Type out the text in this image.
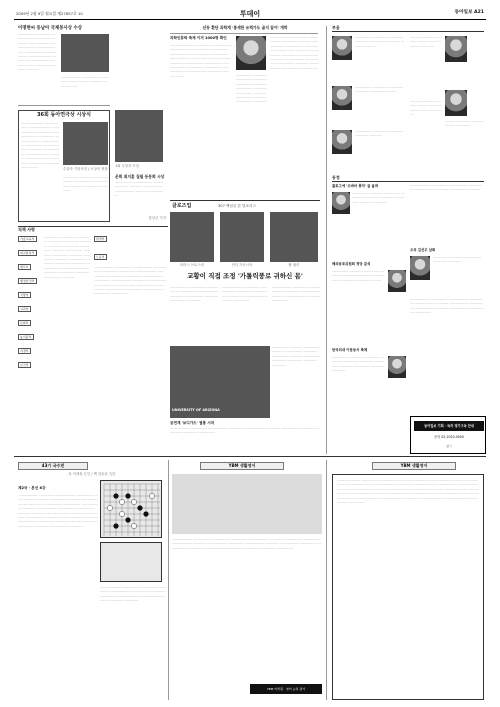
2009년 2월 9일 월요일 제27657호 10	투데이	동아일보 A21
이명현씨 동남아 국제봉사상 수상
ㅡㅡㅡㅡㅡㅡㅡㅡㅡㅡ ㅡㅡㅡㅡㅡㅡㅡ ㅡㅡㅡㅡㅡㅡㅡㅡ ㅡㅡㅡㅡㅡㅡ ㅡㅡㅡㅡㅡㅡㅡ ㅡㅡㅡㅡㅡㅡㅡㅡ ㅡㅡㅡㅡㅡㅡ ㅡㅡㅡㅡㅡㅡ ㅡㅡㅡㅡㅡㅡㅡ ㅡㅡㅡㅡㅡ ㅡㅡㅡㅡㅡㅡㅡ ㅡㅡㅡㅡㅡ ㅡㅡㅡㅡㅡㅡㅡㅡ ㅡㅡㅡㅡ
ㅡㅡㅡㅡㅡㅡ ㅡㅡㅡㅡㅡ ㅡㅡㅡㅡㅡ ㅡㅡㅡㅡㅡㅡ ㅡㅡㅡㅡ ㅡㅡㅡㅡㅡㅡ
36회 동아연극상 시상식
ㅡㅡㅡㅡㅡㅡㅡ ㅡㅡㅡㅡㅡㅡ ㅡㅡㅡㅡㅡㅡㅡ ㅡㅡㅡㅡㅡㅡ ㅡㅡㅡㅡㅡ ㅡㅡㅡㅡㅡㅡㅡ ㅡㅡㅡㅡㅡ ㅡㅡㅡㅡㅡㅡㅡ ㅡㅡㅡㅡㅡㅡ ㅡㅡㅡㅡㅡ ㅡㅡㅡㅡㅡㅡㅡ ㅡㅡㅡㅡ ㅡㅡㅡㅡㅡㅡ ㅡㅡㅡㅡㅡㅡㅡ ㅡㅡㅡㅡ ㅡㅡㅡㅡㅡ ㅡㅡㅡㅡㅡㅡㅡ ㅡㅡㅡㅡㅡ ㅡㅡㅡㅡㅡㅡ ㅡㅡㅡ	수상자 기념사진 / 시상식 현장
ㅡㅡㅡㅡㅡ ㅡㅡㅡㅡㅡㅡ ㅡㅡㅡㅡㅡ ㅡㅡㅡㅡㅡㅡ ㅡㅡㅡㅡ ㅡㅡㅡㅡㅡㅡ ㅡㅡㅡㅡ ㅡㅡㅡㅡㅡ
1회 수상자 모임
운회 최지훈 집필 동문회 시상
ㅡㅡㅡㅡㅡㅡ ㅡㅡㅡㅡㅡ ㅡㅡㅡㅡㅡㅡㅡ ㅡㅡㅡㅡ ㅡㅡㅡㅡㅡㅡ ㅡㅡㅡㅡㅡㅡ ㅡㅡㅡㅡ ㅡㅡㅡㅡㅡ
한상준 기자
직책 사령
기술교육부
외교통상부
법무부
행정안전부
국방부
교과부
문화부
농식품부
지경부
보건부
ㅡㅡㅡㅡㅡ ㅡㅡㅡㅡ ㅡㅡㅡㅡㅡ ㅡㅡㅡㅡ ㅡㅡㅡㅡㅡ ㅡㅡㅡㅡ ㅡㅡㅡㅡㅡ ㅡㅡㅡㅡ ㅡㅡㅡㅡㅡ ㅡㅡㅡㅡ ㅡㅡㅡㅡㅡ ㅡㅡㅡㅡ ㅡㅡㅡㅡㅡ ㅡㅡㅡㅡ ㅡㅡㅡㅡㅡ ㅡㅡㅡㅡ ㅡㅡㅡㅡㅡ ㅡㅡㅡㅡ ㅡㅡㅡㅡㅡ ㅡㅡㅡㅡ ㅡㅡㅡㅡㅡ ㅡㅡㅡㅡ ㅡㅡㅡㅡㅡ ㅡㅡㅡㅡ ㅡㅡㅡㅡㅡ ㅡㅡㅡㅡ ㅡㅡㅡㅡㅡ ㅡㅡㅡㅡ
환경부
노동부
ㅡㅡㅡㅡㅡㅡ ㅡㅡㅡㅡㅡ ㅡㅡㅡㅡㅡㅡ ㅡㅡㅡㅡㅡ ㅡㅡㅡㅡㅡㅡ ㅡㅡㅡㅡㅡ ㅡㅡㅡㅡㅡㅡ ㅡㅡㅡㅡㅡ ㅡㅡㅡㅡㅡㅡ ㅡㅡㅡㅡㅡ ㅡㅡㅡㅡㅡㅡ ㅡㅡㅡㅡㅡ ㅡㅡㅡㅡㅡㅡ ㅡㅡㅡㅡㅡ ㅡㅡㅡㅡㅡㅡ ㅡㅡㅡㅡㅡ ㅡㅡㅡㅡㅡㅡ ㅡㅡㅡㅡㅡ ㅡㅡㅡㅡㅡㅡ ㅡㅡㅡㅡㅡ ㅡㅡㅡㅡㅡㅡ ㅡㅡㅡㅡㅡ ㅡㅡㅡㅡㅡㅡ ㅡㅡㅡㅡㅡ
선동 환단 과학계 '통세한 유력가도 골지 끌어' 개막
과학인류학 축제 이겨 1000명 확인
ㅡㅡㅡㅡㅡㅡㅡ ㅡㅡㅡㅡㅡ ㅡㅡㅡㅡㅡㅡ ㅡㅡㅡㅡㅡㅡㅡ ㅡㅡㅡㅡ ㅡㅡㅡㅡㅡㅡ ㅡㅡㅡㅡㅡ ㅡㅡㅡㅡㅡㅡㅡ ㅡㅡㅡㅡㅡ ㅡㅡㅡㅡㅡㅡ ㅡㅡㅡㅡㅡ ㅡㅡㅡㅡㅡㅡㅡ ㅡㅡㅡㅡ ㅡㅡㅡㅡㅡㅡ ㅡㅡㅡㅡㅡ ㅡㅡㅡㅡㅡㅡㅡ ㅡㅡㅡㅡㅡ ㅡㅡㅡㅡㅡ ㅡㅡㅡㅡㅡㅡ ㅡㅡㅡㅡㅡㅡㅡ ㅡㅡㅡㅡ ㅡㅡㅡㅡㅡㅡ
ㅡㅡㅡㅡㅡㅡ ㅡㅡㅡㅡㅡ ㅡㅡㅡㅡㅡㅡ ㅡㅡㅡㅡㅡ ㅡㅡㅡㅡㅡㅡ ㅡㅡㅡㅡ ㅡㅡㅡㅡㅡㅡ ㅡㅡㅡㅡㅡ ㅡㅡㅡㅡㅡㅡ ㅡㅡㅡㅡ ㅡㅡㅡㅡㅡㅡ ㅡㅡㅡㅡㅡ ㅡㅡㅡㅡㅡㅡ ㅡㅡㅡㅡ ㅡㅡㅡㅡㅡㅡ ㅡㅡㅡㅡㅡ ㅡㅡㅡㅡㅡㅡ ㅡㅡㅡㅡ ㅡㅡㅡㅡㅡㅡ ㅡㅡㅡㅡㅡ ㅡㅡㅡㅡㅡㅡ
ㅡㅡㅡㅡㅡ ㅡㅡㅡㅡ ㅡㅡㅡㅡㅡ ㅡㅡㅡㅡ ㅡㅡㅡㅡㅡ ㅡㅡㅡㅡ ㅡㅡㅡㅡㅡ ㅡㅡㅡㅡ ㅡㅡㅡㅡㅡ ㅡㅡㅡㅡ ㅡㅡㅡㅡㅡ ㅡㅡㅡㅡ ㅡㅡㅡㅡㅡ ㅡㅡㅡㅡ
클로즈업	307 백남존 본 빌포리스
피어스 브로스넌	안디 가르시아	팝 퀼리
교황이 직접 조정 '가톨릭풍로 귀하신 몸'
ㅡㅡㅡㅡㅡㅡ ㅡㅡㅡㅡㅡ ㅡㅡㅡㅡㅡㅡ ㅡㅡㅡㅡㅡ ㅡㅡㅡㅡㅡㅡ ㅡㅡㅡㅡ ㅡㅡㅡㅡㅡㅡ ㅡㅡㅡㅡ ㅡㅡㅡㅡㅡ ㅡㅡㅡㅡ
ㅡㅡㅡㅡㅡㅡ ㅡㅡㅡㅡㅡ ㅡㅡㅡㅡㅡㅡ ㅡㅡㅡㅡㅡ ㅡㅡㅡㅡㅡㅡ ㅡㅡㅡㅡ ㅡㅡㅡㅡㅡㅡ ㅡㅡㅡㅡ ㅡㅡㅡㅡㅡ
ㅡㅡㅡㅡㅡㅡ ㅡㅡㅡㅡㅡ ㅡㅡㅡㅡㅡㅡ ㅡㅡㅡㅡㅡ ㅡㅡㅡㅡㅡㅡ ㅡㅡㅡㅡ ㅡㅡㅡㅡㅡㅡ ㅡㅡㅡㅡ ㅡㅡㅡㅡㅡ
UNIVERSITY OF ARIZONA
ㅡㅡㅡㅡㅡ ㅡㅡㅡㅡ ㅡㅡㅡㅡㅡ ㅡㅡㅡㅡ ㅡㅡㅡㅡㅡ ㅡㅡㅡㅡ ㅡㅡㅡㅡㅡ ㅡㅡㅡㅡ ㅡㅡㅡㅡㅡ ㅡㅡㅡㅡ ㅡㅡㅡㅡㅡ ㅡㅡㅡㅡ ㅡㅡㅡㅡ
공연계 '보디가드' 열풍 시작
ㅡㅡㅡㅡㅡㅡ ㅡㅡㅡㅡㅡ ㅡㅡㅡㅡㅡㅡ ㅡㅡㅡㅡㅡ ㅡㅡㅡㅡㅡㅡ ㅡㅡㅡㅡ ㅡㅡㅡㅡㅡㅡ ㅡㅡㅡㅡ ㅡㅡㅡㅡㅡ ㅡㅡㅡㅡ ㅡㅡㅡㅡㅡ
부음
ㅡㅡㅡㅡㅡ ㅡㅡㅡㅡ ㅡㅡㅡㅡㅡ ㅡㅡㅡㅡ ㅡㅡㅡㅡㅡ ㅡㅡㅡㅡ ㅡㅡㅡㅡ ㅡㅡㅡ
ㅡㅡㅡㅡㅡ ㅡㅡㅡㅡ ㅡㅡㅡㅡㅡ ㅡㅡㅡㅡ ㅡㅡㅡㅡㅡ ㅡㅡㅡ
ㅡㅡㅡㅡㅡ ㅡㅡㅡㅡ ㅡㅡㅡㅡㅡ ㅡㅡㅡㅡ ㅡㅡㅡㅡ
ㅡㅡㅡㅡ ㅡㅡㅡ ㅡㅡㅡㅡ ㅡㅡㅡ ㅡㅡㅡㅡ ㅡㅡㅡ ㅡㅡㅡㅡ
ㅡㅡㅡㅡ ㅡㅡㅡ ㅡㅡㅡㅡ ㅡㅡㅡ ㅡㅡㅡㅡ ㅡㅡㅡ ㅡㅡㅡㅡ ㅡㅡㅡ
ㅡㅡㅡㅡ ㅡㅡㅡ ㅡㅡㅡㅡ ㅡㅡㅡ ㅡㅡㅡㅡ
동정
블로그에 '오바마 풍자' 글 올려
ㅡㅡㅡㅡㅡ ㅡㅡㅡㅡ ㅡㅡㅡㅡㅡ ㅡㅡㅡㅡ ㅡㅡㅡㅡㅡ ㅡㅡㅡㅡ ㅡㅡㅡㅡㅡ ㅡㅡㅡㅡ ㅡㅡㅡㅡ
해외동포위원회 정당 분석
ㅡㅡㅡㅡㅡ ㅡㅡㅡㅡ ㅡㅡㅡㅡㅡ ㅡㅡㅡㅡ ㅡㅡㅡㅡㅡ ㅡㅡㅡㅡ ㅡㅡㅡㅡㅡ ㅡㅡㅡㅡ ㅡㅡㅡㅡㅡ ㅡㅡㅡ
한국외대 이문동서 축제
ㅡㅡㅡㅡㅡ ㅡㅡㅡㅡ ㅡㅡㅡㅡㅡ ㅡㅡㅡㅡ ㅡㅡㅡㅡㅡ ㅡㅡㅡㅡ ㅡㅡㅡㅡㅡ ㅡㅡㅡㅡ ㅡㅡㅡㅡㅡ ㅡㅡㅡㅡ ㅡㅡㅡㅡ
ㅡㅡㅡㅡㅡㅡ ㅡㅡㅡㅡㅡ ㅡㅡㅡㅡㅡㅡ ㅡㅡㅡㅡㅡ ㅡㅡㅡㅡㅡㅡ ㅡㅡㅡㅡ ㅡㅡㅡㅡㅡ ㅡㅡㅡㅡ
오곡 김선우 삼회
ㅡㅡㅡㅡㅡ ㅡㅡㅡㅡ ㅡㅡㅡㅡㅡ ㅡㅡㅡㅡ ㅡㅡㅡㅡ
ㅡㅡㅡㅡㅡㅡ ㅡㅡㅡㅡㅡ ㅡㅡㅡㅡㅡㅡ ㅡㅡㅡㅡㅡ ㅡㅡㅡㅡㅡㅡ ㅡㅡㅡㅡ ㅡㅡㅡㅡㅡㅡ ㅡㅡㅡㅡㅡ ㅡㅡㅡㅡㅡㅡ ㅡㅡㅡㅡ ㅡㅡㅡㅡㅡㅡ ㅡㅡㅡㅡㅡ ㅡㅡㅡㅡㅡ
동아일보 기획 · 독자 정기구독 안내
문의 02-2020-0000
광고
43기 국수전
흑 이세돌 九단 / 백 강동윤 九단
제2국 · 본선 8강
ㅡㅡㅡㅡㅡㅡ ㅡㅡㅡㅡㅡ ㅡㅡㅡㅡㅡㅡ ㅡㅡㅡㅡㅡ ㅡㅡㅡㅡㅡㅡ ㅡㅡㅡㅡ ㅡㅡㅡㅡㅡㅡ ㅡㅡㅡㅡㅡ ㅡㅡㅡㅡㅡㅡ ㅡㅡㅡㅡ ㅡㅡㅡㅡㅡㅡ ㅡㅡㅡㅡㅡ ㅡㅡㅡㅡㅡㅡ ㅡㅡㅡㅡ ㅡㅡㅡㅡㅡㅡ ㅡㅡㅡㅡㅡ ㅡㅡㅡㅡㅡㅡ ㅡㅡㅡㅡ ㅡㅡㅡㅡㅡㅡ ㅡㅡㅡㅡㅡ ㅡㅡㅡㅡㅡㅡ ㅡㅡㅡㅡ ㅡㅡㅡㅡㅡㅡ ㅡㅡㅡㅡㅡ ㅡㅡㅡㅡㅡㅡ ㅡㅡㅡㅡ ㅡㅡㅡㅡㅡㅡ ㅡㅡㅡㅡㅡ ㅡㅡㅡㅡㅡㅡ ㅡㅡㅡㅡ ㅡㅡㅡㅡㅡㅡ ㅡㅡㅡㅡㅡ ㅡㅡㅡㅡㅡㅡ ㅡㅡㅡㅡ
ㅡㅡㅡㅡㅡㅡ ㅡㅡㅡㅡㅡ ㅡㅡㅡㅡㅡㅡ ㅡㅡㅡㅡㅡ ㅡㅡㅡㅡㅡㅡ ㅡㅡㅡㅡ ㅡㅡㅡㅡㅡㅡ ㅡㅡㅡㅡㅡ ㅡㅡㅡㅡㅡㅡ ㅡㅡㅡㅡ ㅡㅡㅡㅡㅡㅡ ㅡㅡㅡㅡㅡ ㅡㅡㅡㅡ
YBM 생활영어
ㅡㅡㅡㅡㅡㅡ ㅡㅡㅡㅡㅡ ㅡㅡㅡㅡㅡㅡ ㅡㅡㅡㅡㅡ ㅡㅡㅡㅡㅡㅡ ㅡㅡㅡㅡ ㅡㅡㅡㅡㅡㅡ ㅡㅡㅡㅡㅡ ㅡㅡㅡㅡㅡㅡ ㅡㅡㅡㅡ ㅡㅡㅡㅡㅡㅡ ㅡㅡㅡㅡㅡ ㅡㅡㅡㅡㅡㅡ ㅡㅡㅡㅡ ㅡㅡㅡㅡㅡㅡ ㅡㅡㅡㅡㅡ ㅡㅡㅡㅡㅡㅡ ㅡㅡㅡㅡ ㅡㅡㅡㅡㅡㅡ ㅡㅡㅡㅡㅡ ㅡㅡㅡㅡㅡㅡ ㅡㅡㅡㅡ ㅡㅡㅡㅡㅡ
YBM 어학원 · 영어 능력 평가
YBM 생활영어
ㅡㅡㅡㅡㅡㅡㅡ ㅡㅡㅡㅡㅡㅡ ㅡㅡㅡㅡㅡㅡㅡ ㅡㅡㅡㅡㅡㅡ ㅡㅡㅡㅡㅡㅡㅡ ㅡㅡㅡㅡㅡ ㅡㅡㅡㅡㅡㅡㅡ ㅡㅡㅡㅡㅡㅡ ㅡㅡㅡㅡㅡㅡㅡ ㅡㅡㅡㅡㅡ ㅡㅡㅡㅡㅡㅡㅡ ㅡㅡㅡㅡㅡㅡ ㅡㅡㅡㅡㅡㅡㅡ ㅡㅡㅡㅡㅡ ㅡㅡㅡㅡㅡㅡㅡ ㅡㅡㅡㅡㅡㅡ ㅡㅡㅡㅡㅡㅡㅡ ㅡㅡㅡㅡㅡ ㅡㅡㅡㅡㅡㅡㅡ ㅡㅡㅡㅡㅡㅡ ㅡㅡㅡㅡㅡㅡㅡ ㅡㅡㅡㅡㅡ ㅡㅡㅡㅡㅡㅡㅡ ㅡㅡㅡㅡㅡㅡ ㅡㅡㅡㅡㅡㅡㅡ ㅡㅡㅡㅡㅡ ㅡㅡㅡㅡㅡㅡㅡ ㅡㅡㅡㅡㅡㅡ ㅡㅡㅡㅡㅡㅡㅡ ㅡㅡㅡㅡㅡ ㅡㅡㅡㅡㅡㅡㅡ ㅡㅡㅡㅡㅡㅡ ㅡㅡㅡㅡㅡㅡㅡ ㅡㅡㅡㅡㅡ
